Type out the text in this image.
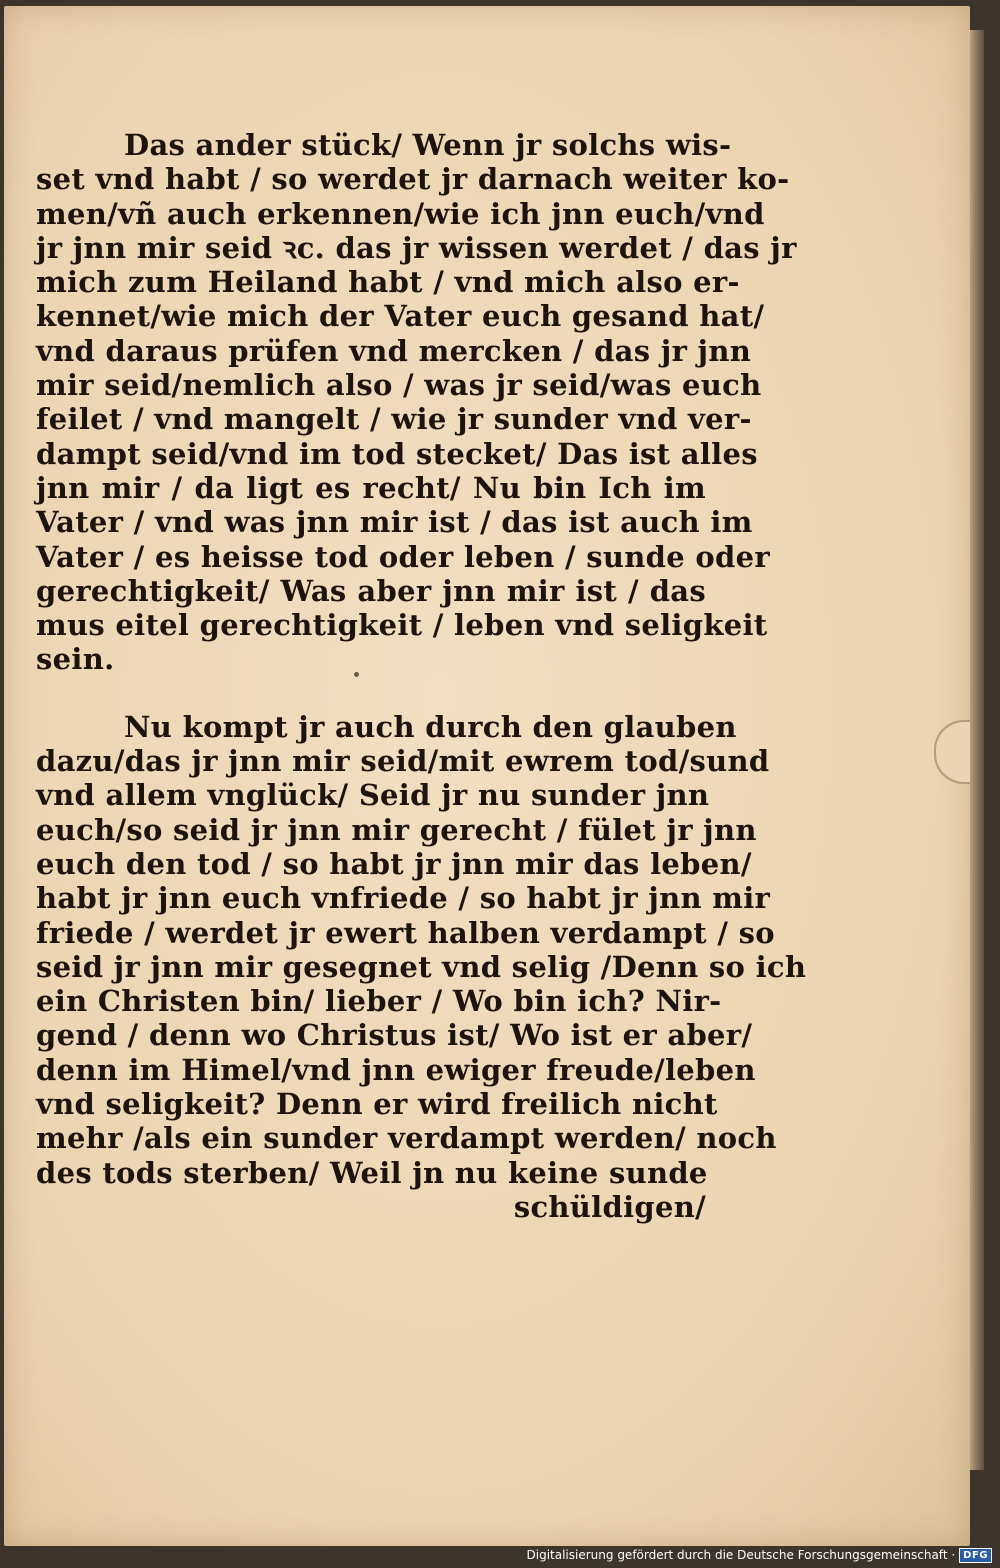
Das ander stück/ Wenn jr solchs wis-
set vnd habt / so werdet jr darnach weiter ko-
men/vñ auch erkennen/wie ich jnn euch/vnd
jr jnn mir seid ꝛc. das jr wissen werdet / das jr
mich zum Heiland habt / vnd mich also er-
kennet/wie mich der Vater euch gesand hat/
vnd daraus prüfen vnd mercken / das jr jnn
mir seid/nemlich also / was jr seid/was euch
feilet / vnd mangelt / wie jr sunder vnd ver-
dampt seid/vnd im tod stecket/ Das ist alles
jnn mir / da ligt es recht/ Nu bin Ich im
Vater / vnd was jnn mir ist / das ist auch im
Vater / es heisse tod oder leben / sunde oder
gerechtigkeit/ Was aber jnn mir ist / das
mus eitel gerechtigkeit / leben vnd seligkeit
sein.
Nu kompt jr auch durch den glauben
dazu/das jr jnn mir seid/mit ewrem tod/sund
vnd allem vnglück/ Seid jr nu sunder jnn
euch/so seid jr jnn mir gerecht / fület jr jnn
euch den tod / so habt jr jnn mir das leben/
habt jr jnn euch vnfriede / so habt jr jnn mir
friede / werdet jr ewert halben verdampt / so
seid jr jnn mir gesegnet vnd selig /Denn so ich
ein Christen bin/ lieber / Wo bin ich? Nir-
gend / denn wo Christus ist/ Wo ist er aber/
denn im Himel/vnd jnn ewiger freude/leben
vnd seligkeit? Denn er wird freilich nicht
mehr /als ein sunder verdampt werden/ noch
des tods sterben/ Weil jn nu keine sunde
schüldigen/
Digitalisierung gefördert durch die Deutsche Forschungsgemeinschaft · DFG
